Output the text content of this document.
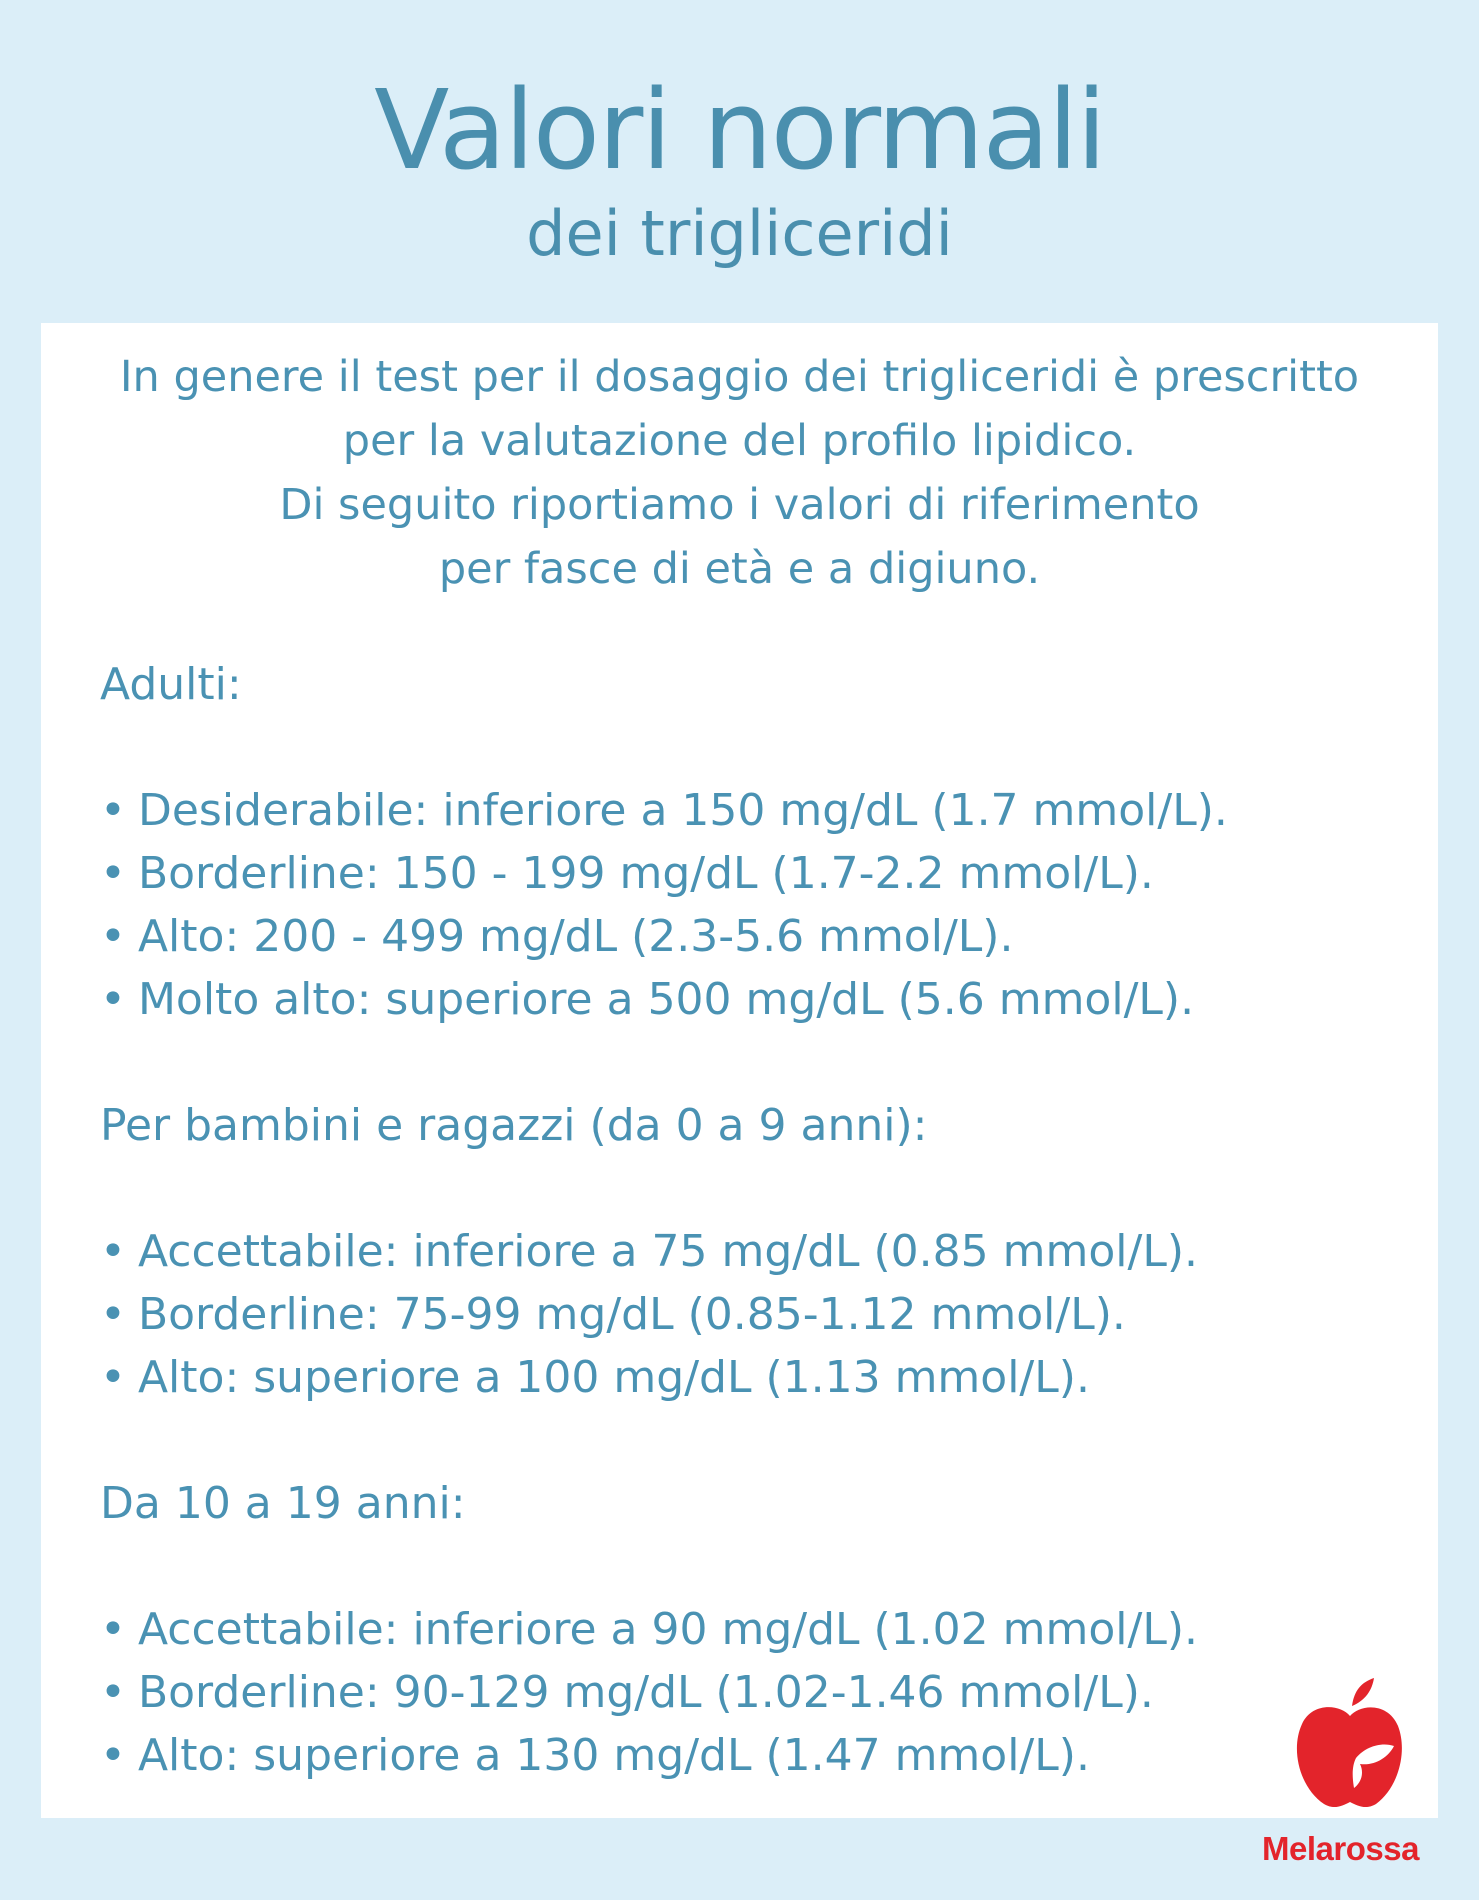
Valori normali
dei trigliceridi
In genere il test per il dosaggio dei trigliceridi è prescritto
per la valutazione del profilo lipidico.
Di seguito riportiamo i valori di riferimento
per fasce di età e a digiuno.
Adulti:
• Desiderabile: inferiore a 150 mg/dL (1.7 mmol/L).
• Borderline: 150 - 199 mg/dL (1.7-2.2 mmol/L).
• Alto: 200 - 499 mg/dL (2.3-5.6 mmol/L).
• Molto alto: superiore a 500 mg/dL (5.6 mmol/L).
Per bambini e ragazzi (da 0 a 9 anni):
• Accettabile: inferiore a 75 mg/dL (0.85 mmol/L).
• Borderline: 75-99 mg/dL (0.85-1.12 mmol/L).
• Alto: superiore a 100 mg/dL (1.13 mmol/L).
Da 10 a 19 anni:
• Accettabile: inferiore a 90 mg/dL (1.02 mmol/L).
• Borderline: 90-129 mg/dL (1.02-1.46 mmol/L).
• Alto: superiore a 130 mg/dL (1.47 mmol/L).
Melarossa
